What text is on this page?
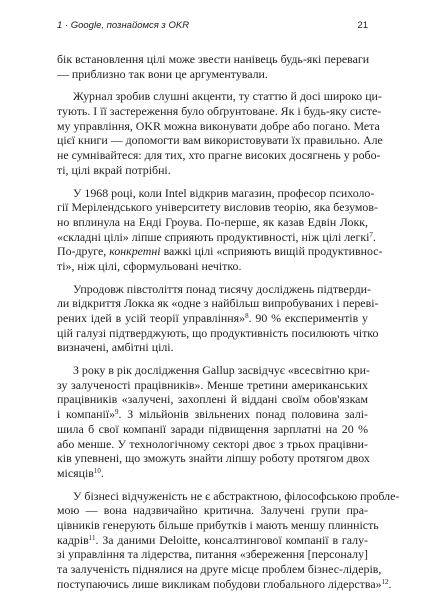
1 · Google, познайомся з OKR	21

бік встановлення цілі може звести нанівець будь-які переваги
— приблизно так вони це аргументували.

Журнал зробив слушні акценти, ту статтю й досі широко ци-
тують. І її застереження було обґрунтоване. Як і будь-яку систе-
му управління, OKR можна виконувати добре або погано. Мета
цієї книги — допомогти вам використовувати їх правильно. Але
не сумнівайтеся: для тих, хто прагне високих досягнень у робо-
ті, цілі вкрай потрібні.

У 1968 році, коли Intel відкрив магазин, професор психоло-
гії Мерілендського університету висловив теорію, яка безумов-
но вплинула на Енді Гроува. По-перше, як казав Едвін Локк,
«складні цілі» ліпше сприяють продуктивності, ніж цілі легкі$^7$.
По-друге, конкретні важкі цілі «сприяють вищій продуктивнос-
ті», ніж цілі, сформульовані нечітко.

Упродовж півстоліття понад тисячу досліджень підтверди-
ли відкриття Локка як «одне з найбільш випробуваних і переві-
рених ідей в усій теорії управління»$^8$. 90 % експериментів у
цій галузі підтверджують, що продуктивність посилюють чітко
визначені, амбітні цілі.

З року в рік дослідження Gallup засвідчує «всесвітню кри-
зу залученості працівників». Менше третини американських
працівників «залучені, захоплені й віддані своїм обов'язкам
і компанії»$^9$. З мільйонів звільнених понад половина залі-
шила б свої компанії заради підвищення зарплатні на 20 %
або менше. У технологічному секторі двоє з трьох працівни-
ків упевнені, що зможуть знайти ліпшу роботу протягом двох
місяців$^{10}$.

У бізнесі відчуженість не є абстрактною, філософською пробле-
мою — вона надзвичайно критична. Залучені групи пра-
цівників генерують більше прибутків і мають меншу плинність
кадрів$^{11}$. За даними Deloitte, консалтингової компанії в галу-
зі управління та лідерства, питання «збереження [персоналу]
та залученість піднялися на друге місце проблем бізнес-лідерів,
поступаючись лише викликам побудови глобального лідерства»$^{12}$.
